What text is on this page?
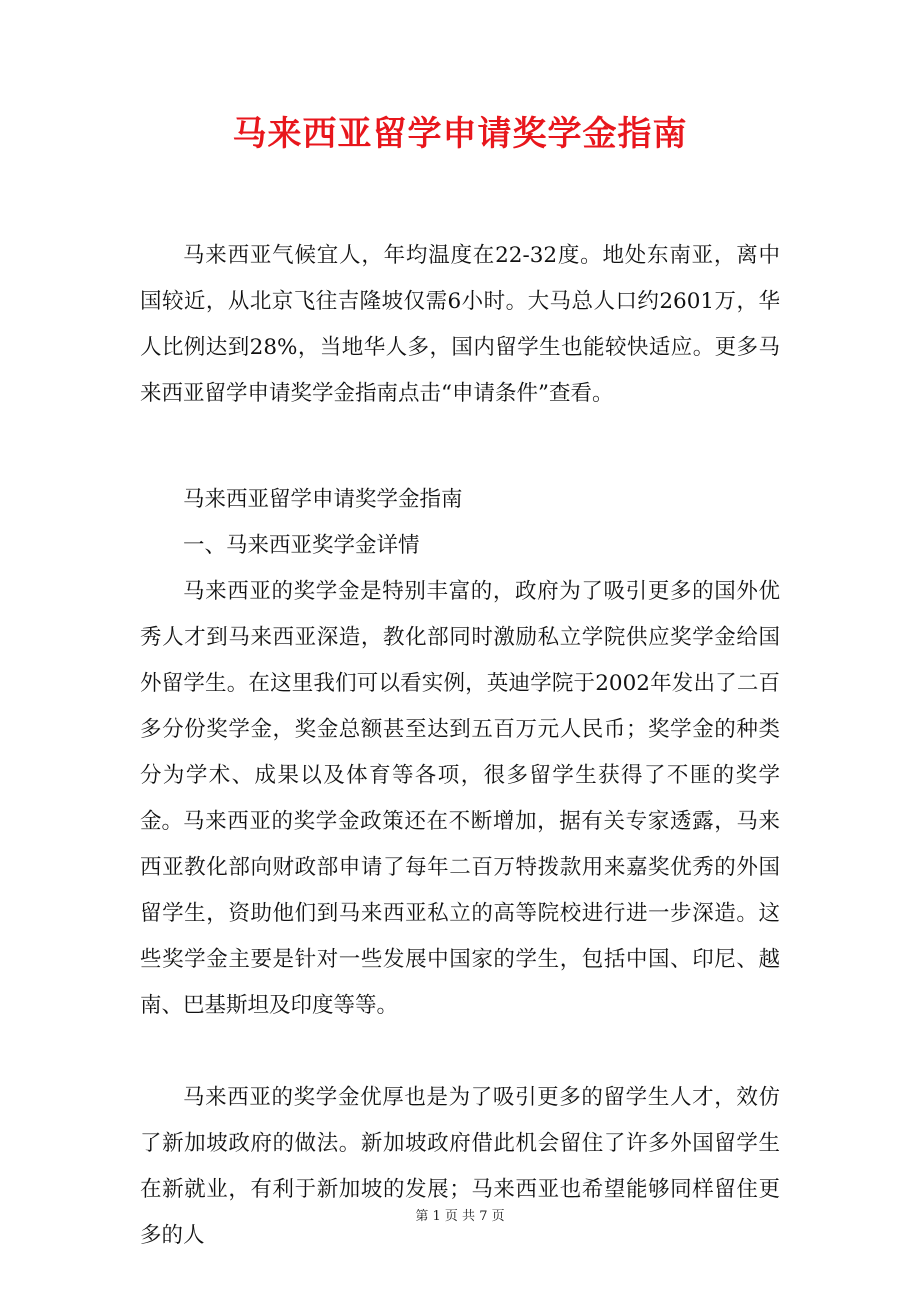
马来西亚留学申请奖学金指南

马来西亚气候宜人，年均温度在22-32度。地处东南亚，离中国较近，从北京飞往吉隆坡仅需6小时。大马总人口约2601万，华人比例达到28%，当地华人多，国内留学生也能较快适应。更多马来西亚留学申请奖学金指南点击“申请条件”查看。

马来西亚留学申请奖学金指南

一、马来西亚奖学金详情

马来西亚的奖学金是特别丰富的，政府为了吸引更多的国外优秀人才到马来西亚深造，教化部同时激励私立学院供应奖学金给国外留学生。在这里我们可以看实例，英迪学院于2002年发出了二百多分份奖学金，奖金总额甚至达到五百万元人民币；奖学金的种类分为学术、成果以及体育等各项，很多留学生获得了不匪的奖学金。 马来西亚的奖学金政策还在不断增加，据有关专家透露，马来西亚教化部向财政部申请了每年二百万特拨款用来嘉奖优秀的外国留学生，资助他们到马来西亚私立的高等院校进行进一步深造。这些奖学金主要是针对一些发展中国家的学生，包括中国、印尼、越南、巴基斯坦及印度等等。

马来西亚的奖学金优厚也是为了吸引更多的留学生人才，效仿了新加坡政府的做法。新加坡政府借此机会留住了许多外国留学生在新就业，有利于新加坡的发展；马来西亚也希望能够同样留住更多的人

第 1 页 共 7 页
